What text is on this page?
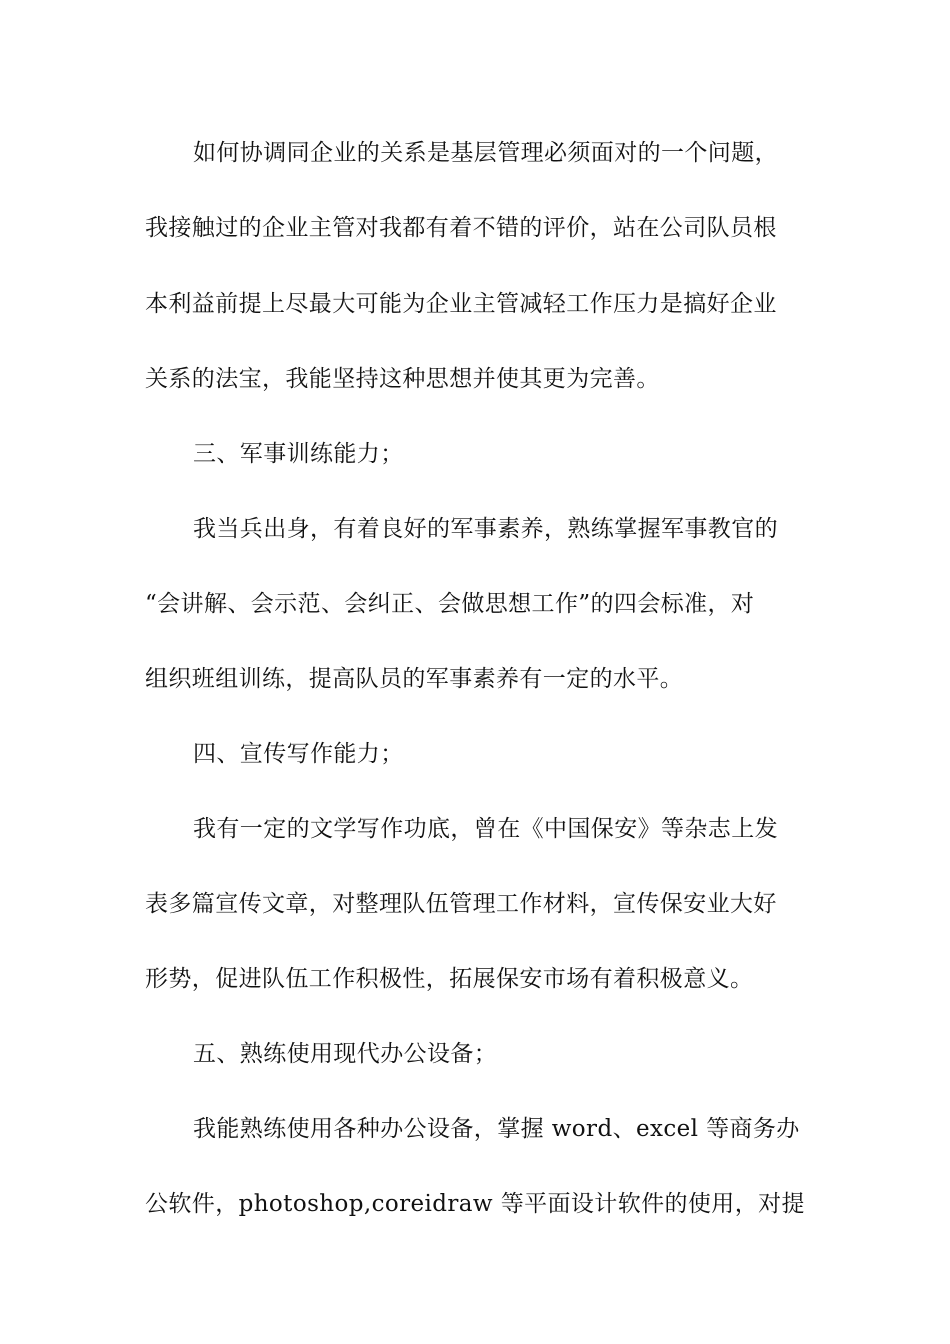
如何协调同企业的关系是基层管理必须面对的一个问题，
我接触过的企业主管对我都有着不错的评价，站在公司队员根
本利益前提上尽最大可能为企业主管减轻工作压力是搞好企业
关系的法宝，我能坚持这种思想并使其更为完善。
三、军事训练能力；
我当兵出身，有着良好的军事素养，熟练掌握军事教官的
“会讲解、会示范、会纠正、会做思想工作”的四会标准，对
组织班组训练，提高队员的军事素养有一定的水平。
四、宣传写作能力；
我有一定的文学写作功底，曾在《中国保安》等杂志上发
表多篇宣传文章，对整理队伍管理工作材料，宣传保安业大好
形势，促进队伍工作积极性，拓展保安市场有着积极意义。
五、熟练使用现代办公设备；
我能熟练使用各种办公设备，掌握 word、excel 等商务办
公软件，photoshop,coreidraw 等平面设计软件的使用，对提
